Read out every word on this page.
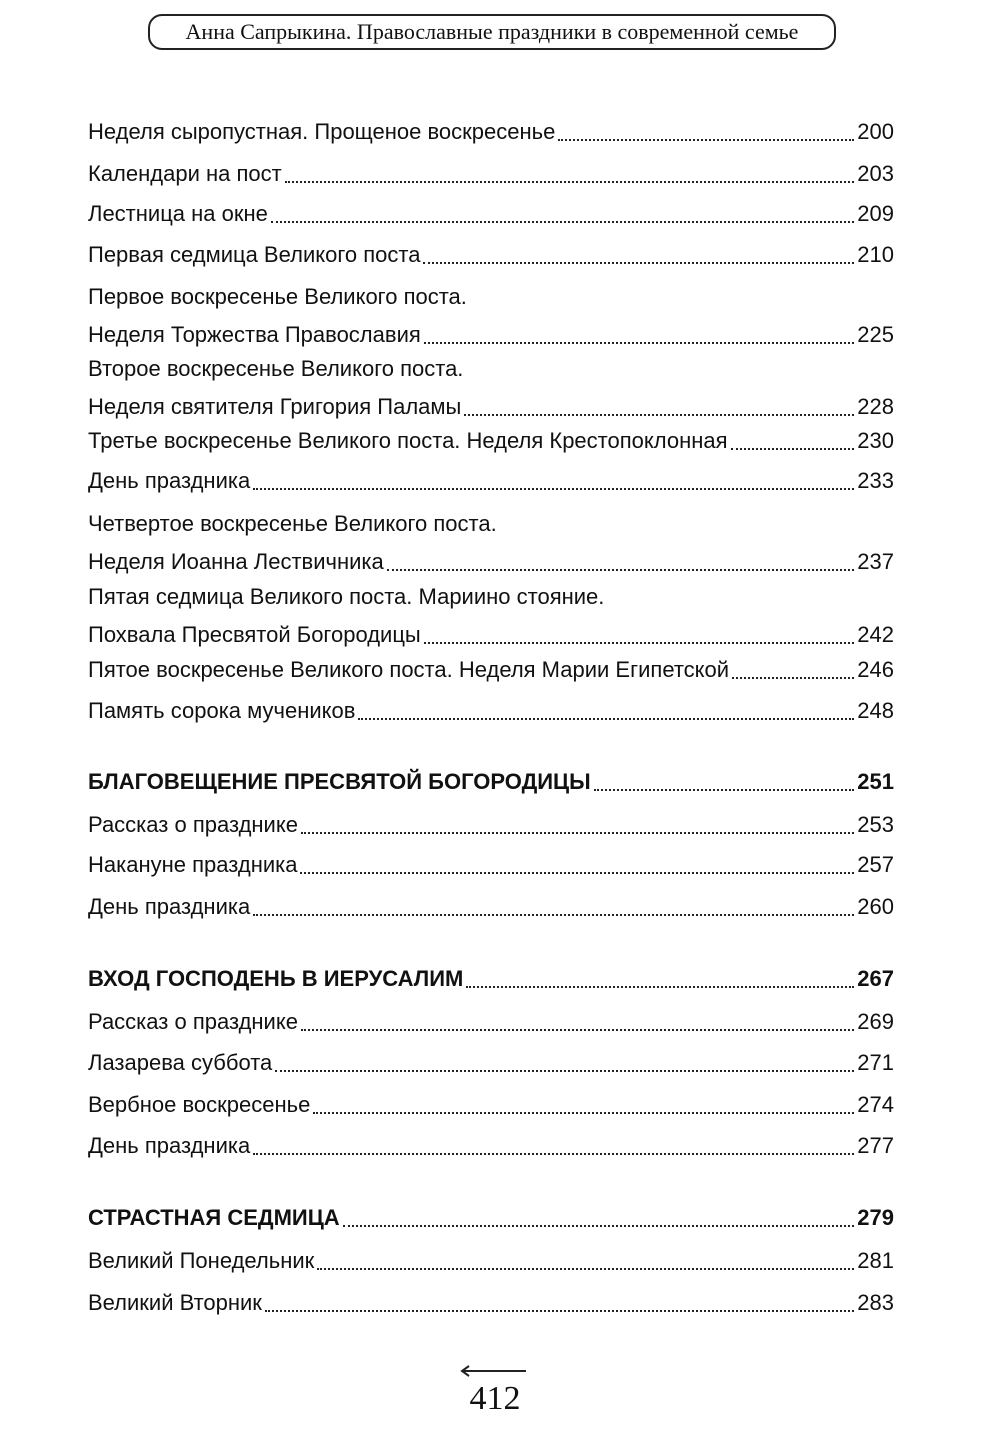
Анна Сапрыкина. Православные праздники в современной семье
Неделя сыропустная. Прощеное воскресенье	200
Календари на пост	203
Лестница на окне	209
Первая седмица Великого поста	210
Первое воскресенье Великого поста.
Неделя Торжества Православия	225
Второе воскресенье Великого поста.
Неделя святителя Григория Паламы	228
Третье воскресенье Великого поста. Неделя Крестопоклонная	230
День праздника	233
Четвертое воскресенье Великого поста.
Неделя Иоанна Лествичника	237
Пятая седмица Великого поста. Мариино стояние.
Похвала Пресвятой Богородицы	242
Пятое воскресенье Великого поста. Неделя Марии Египетской	246
Память сорока мучеников	248
БЛАГОВЕЩЕНИЕ ПРЕСВЯТОЙ БОГОРОДИЦЫ	251
Рассказ о празднике	253
Накануне праздника	257
День праздника	260
ВХОД ГОСПОДЕНЬ В ИЕРУСАЛИМ	267
Рассказ о празднике	269
Лазарева суббота	271
Вербное воскресенье	274
День праздника	277
СТРАСТНАЯ СЕДМИЦА	279
Великий Понедельник	281
Великий Вторник	283
412
